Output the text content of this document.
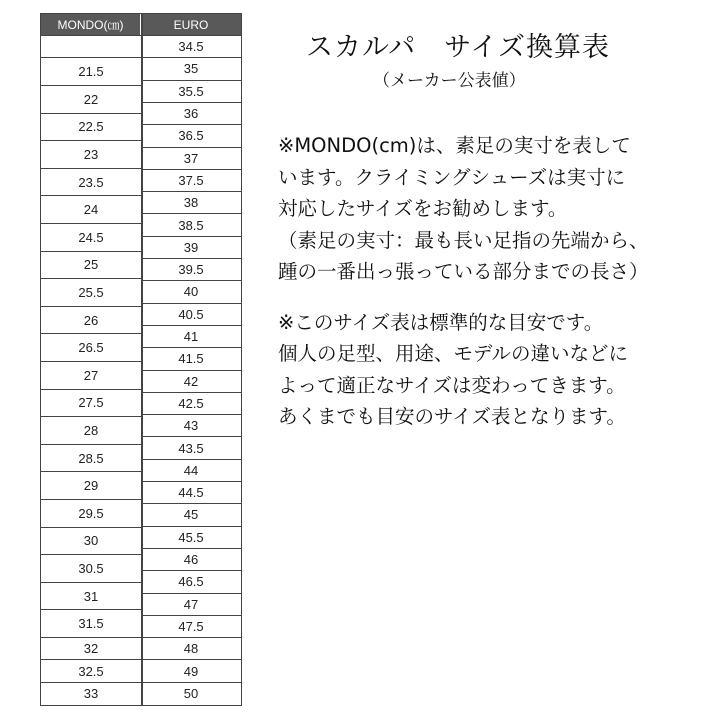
MONDO(㎝)	EURO
34.5
35
35.5
36
36.5
37
37.5
38
38.5
39
39.5
40
40.5
41
41.5
42
42.5
43
43.5
44
44.5
45
45.5
46
46.5
47
47.5
48
49
50
21.5
22
22.5
23
23.5
24
24.5
25
25.5
26
26.5
27
27.5
28
28.5
29
29.5
30
30.5
31
31.5
32
32.5
33
スカルパ　サイズ換算表
（メーカー公表値）

※MONDO(cm)は、素足の実寸を表して

います。クライミングシューズは実寸に

対応したサイズをお勧めします。

（素足の実寸：最も長い足指の先端から、

踵の一番出っ張っている部分までの長さ）

※このサイズ表は標準的な目安です。

個人の足型、用途、モデルの違いなどに

よって適正なサイズは変わってきます。

あくまでも目安のサイズ表となります。
